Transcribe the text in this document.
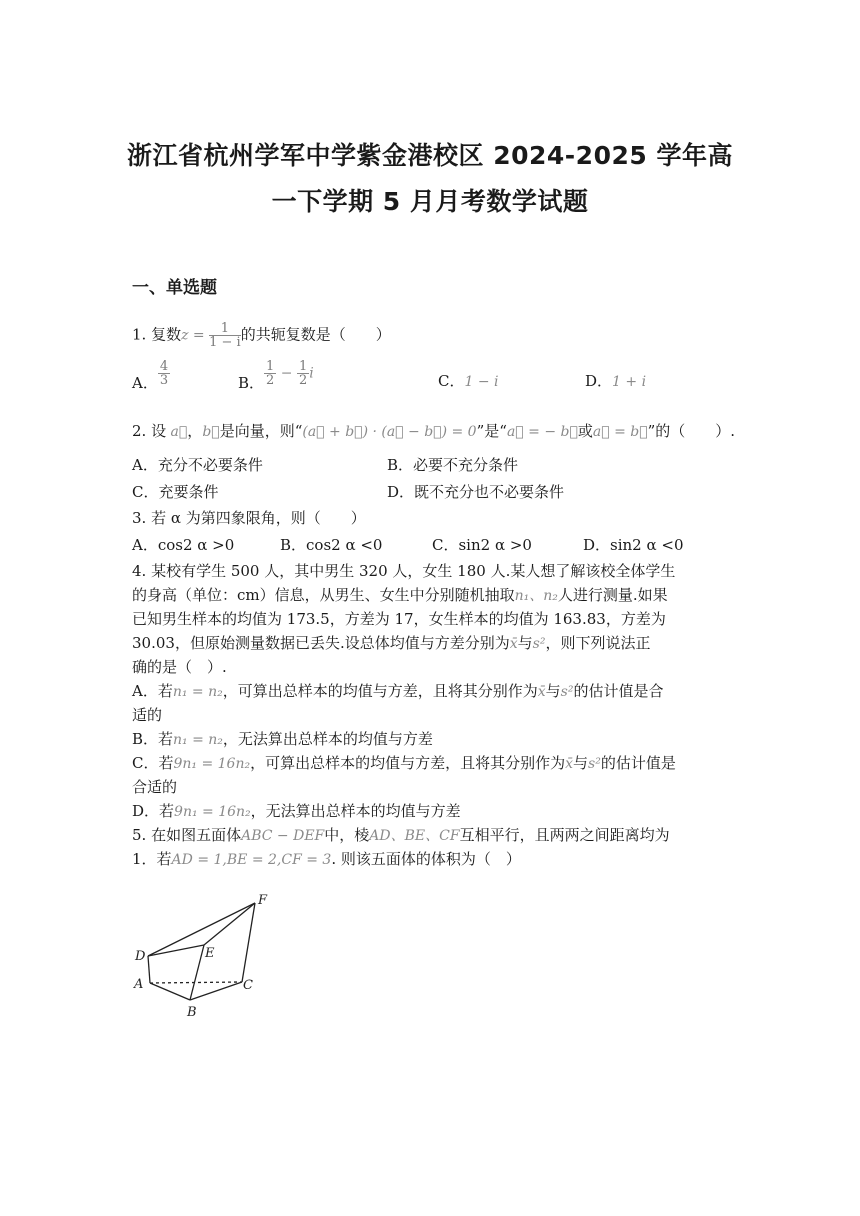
浙江省杭州学军中学紫金港校区 2024-2025 学年高
一下学期 5 月月考数学试题
一、单选题
1. 复数$z = \frac{1}{1 - i}$ 的共轭复数是（　　）
A． $\frac{4}{3}$	B． $\frac{1}{2} - \frac{1}{2}$ i	C．1 − i	D．1 + i
2. 设 a⃗，b⃗是向量，则“(a⃗ + b⃗) · (a⃗ − b⃗) = 0”是“a⃗ = − b⃗或a⃗ = b⃗”的（　　）.
A．充分不必要条件	B．必要不充分条件
C．充要条件	D．既不充分也不必要条件
3. 若 α 为第四象限角，则（　　）
A．cos2 α >0	B．cos2 α <0	C．sin2 α >0	D．sin2 α <0
4. 某校有学生 500 人，其中男生 320 人，女生 180 人.某人想了解该校全体学生
的身高（单位：cm）信息，从男生、女生中分别随机抽取n₁、n₂人进行测量.如果
已知男生样本的均值为 173.5，方差为 17，女生样本的均值为 163.83，方差为
30.03，但原始测量数据已丢失.设总体均值与方差分别为x̄与s²，则下列说法正
确的是（　）.
A．若n₁ = n₂，可算出总样本的均值与方差，且将其分别作为x̄与s²的估计值是合
适的
B．若n₁ = n₂，无法算出总样本的均值与方差
C．若9n₁ = 16n₂，可算出总样本的均值与方差，且将其分别作为x̄与s²的估计值是
合适的
D．若9n₁ = 16n₂，无法算出总样本的均值与方差
5. 在如图五面体ABC − DEF中，棱AD、BE、CF互相平行，且两两之间距离均为
1．若AD = 1,BE = 2,CF = 3. 则该五面体的体积为（　）
D
A
B
C
E
F
